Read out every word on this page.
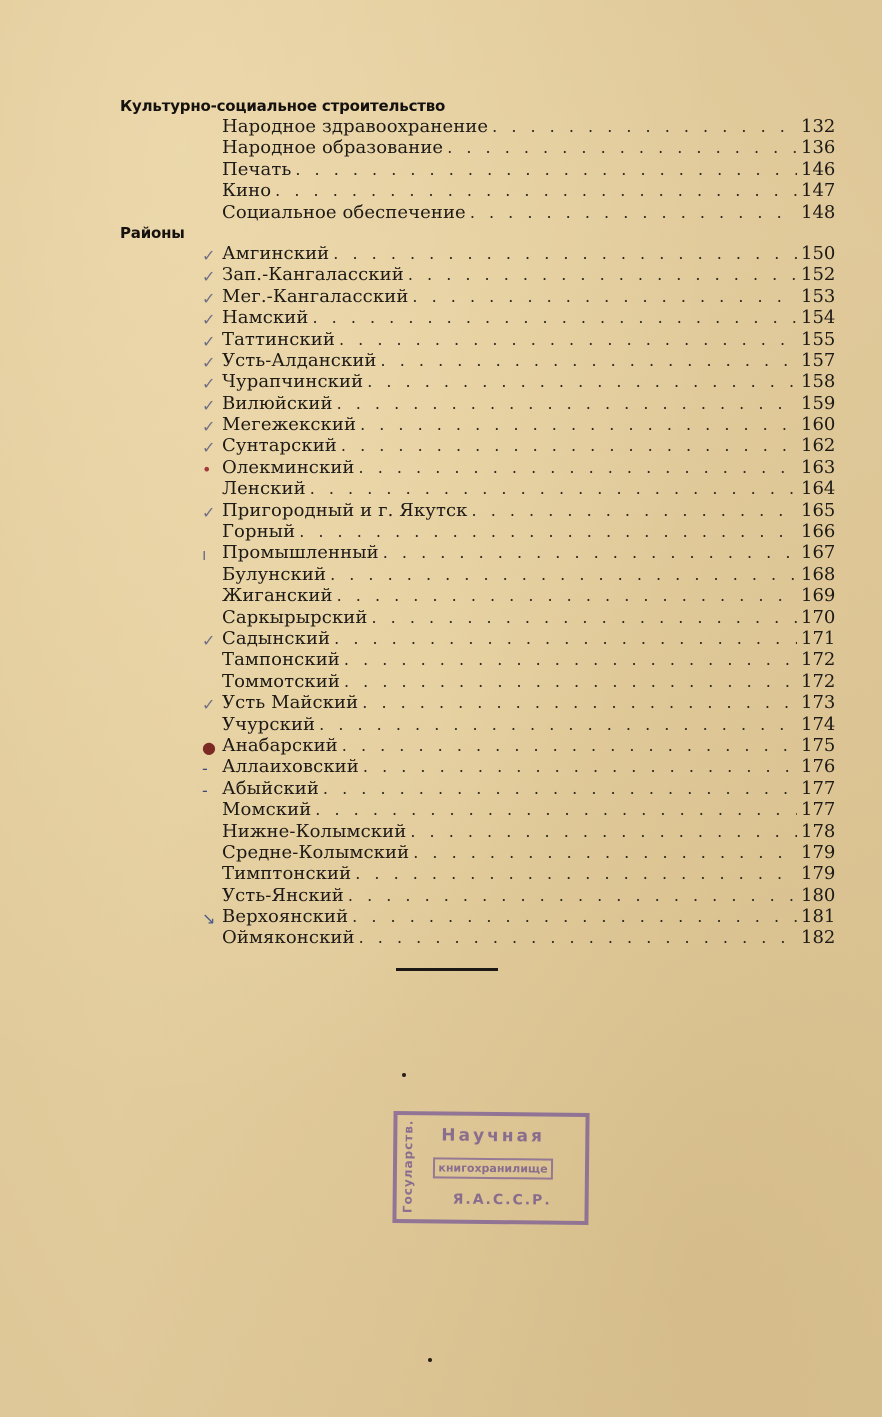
Культурно-социальное строительство
Народное здравоохранение . . .	132
Народное образование . . .	136
Печать . . .	146
Кино . . .	147
Социальное обеспечение . . .	148
Районы
✓ Амгинский . . .	150
✓ Зап.-Кангаласский . . .	152
✓ Мег.-Кангаласский . . .	153
✓ Намский . . .	154
✓ Таттинский . . .	155
✓ Усть-Алданский . . .	157
✓ Чурапчинский . . .	158
✓ Вилюйский . . .	159
✓ Мегежекский . . .	160
✓ Сунтарский . . .	162
• Олекминский . . .	163
Ленский . . .	164
✓ Пригородный и г. Якутск . . .	165
Горный . . .	166
ı Промышленный . . .	167
Булунский . . .	168
Жиганский . . .	169
Саркырырский . . .	170
✓ Садынский . . .	171
Тампонский . . .	172
Томмотский . . .	172
✓ Усть Майский . . .	173
Учурский . . .	174
● Анабарский . . .	175
- Аллаиховский . . .	176
- Абыйский . . .	177
Момский . . .	177
Нижне-Колымский . . .	178
Средне-Колымский . . .	179
Тимптонский . . .	179
Усть-Янский . . .	180
↘ Верхоянский . . .	181
Оймяконский . . .	182
Госуларств.	Научная
книгохранилище
Я.А.С.С.Р.
